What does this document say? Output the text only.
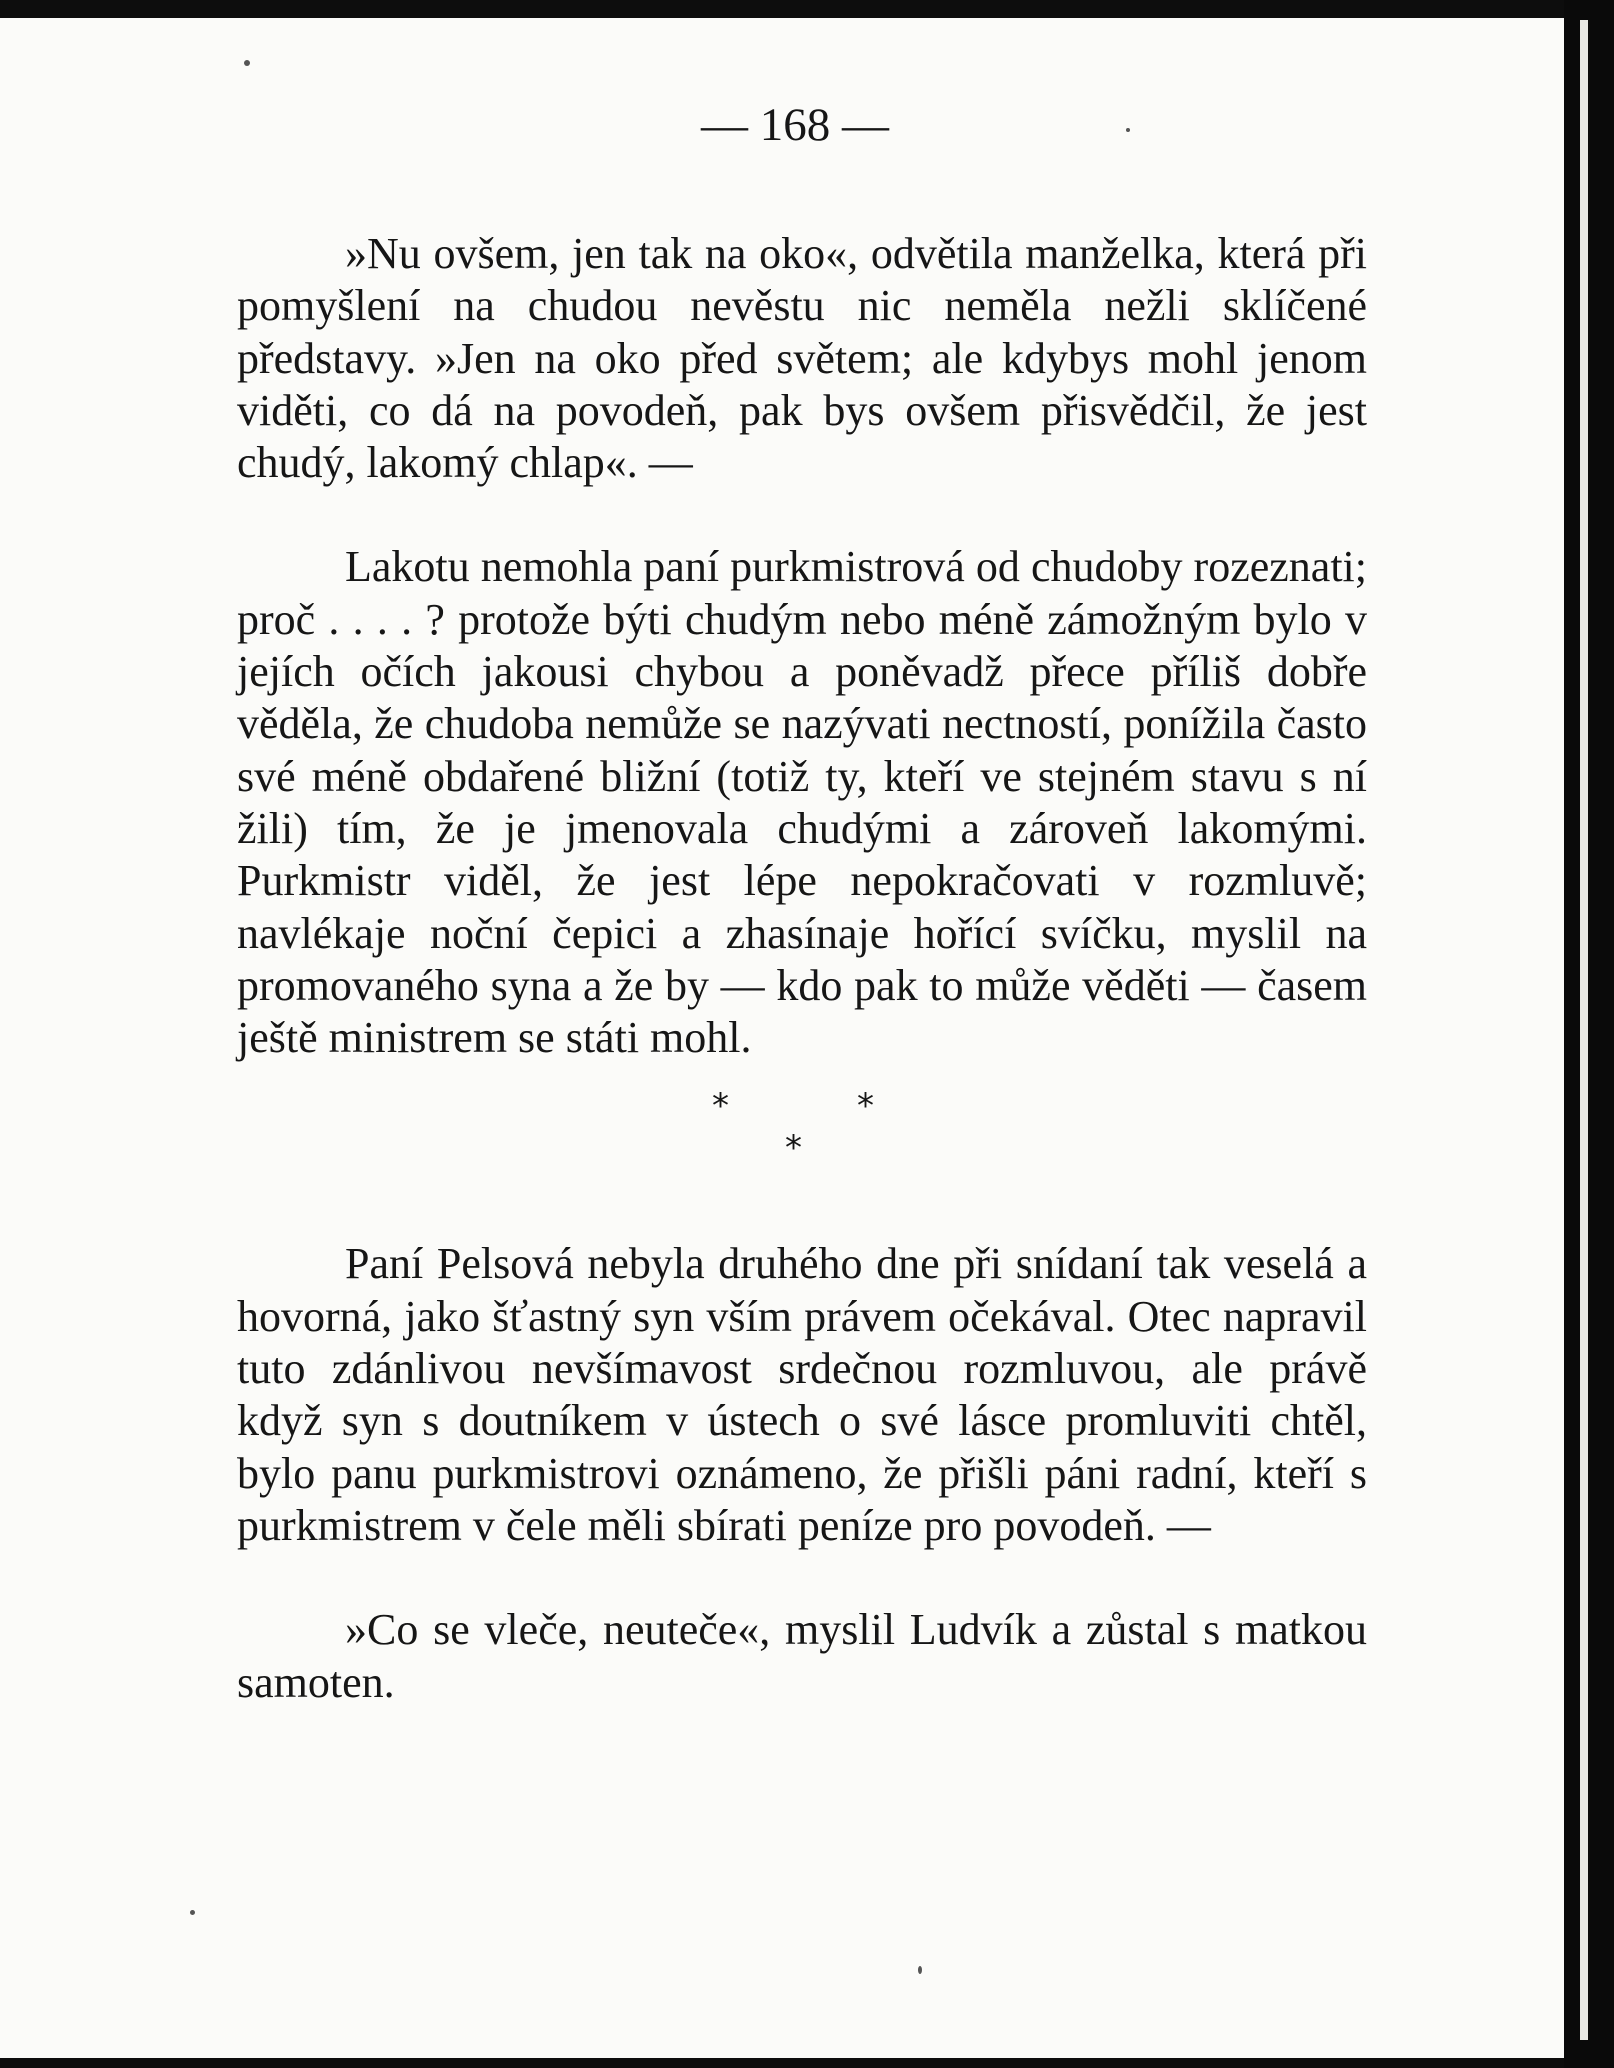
— 168 —

»Nu ovšem, jen tak na oko«, odvětila manželka, která při pomyšlení na chudou nevěstu nic neměla nežli sklíčené představy. »Jen na oko před světem; ale kdybys mohl jenom viděti, co dá na povodeň, pak bys ovšem přisvědčil, že jest chudý, lakomý chlap«. —

Lakotu nemohla paní purkmistrová od chudoby rozeznati; proč . . . . ? protože býti chudým nebo méně zámožným bylo v jejích očích jakousi chybou a poněvadž přece příliš dobře věděla, že chudoba nemůže se nazývati nectností, ponížila často své méně obdařené bližní (totiž ty, kteří ve stejném stavu s ní žili) tím, že je jmenovala chudými a zároveň lakomými. Purkmistr viděl, že jest lépe nepokračovati v rozmluvě; navlékaje noční čepici a zhasínaje hořící svíčku, myslil na promovaného syna a že by — kdo pak to může věděti — časem ještě ministrem se státi mohl.

*	*
*

Paní Pelsová nebyla druhého dne při snídaní tak veselá a hovorná, jako šťastný syn vším právem očekával. Otec napravil tuto zdánlivou nevšímavost srdečnou rozmluvou, ale právě když syn s doutníkem v ústech o své lásce promluviti chtěl, bylo panu purkmistrovi oznámeno, že přišli páni radní, kteří s purkmistrem v čele měli sbírati peníze pro povodeň. —

»Co se vleče, neuteče«, myslil Ludvík a zůstal s matkou samoten.
